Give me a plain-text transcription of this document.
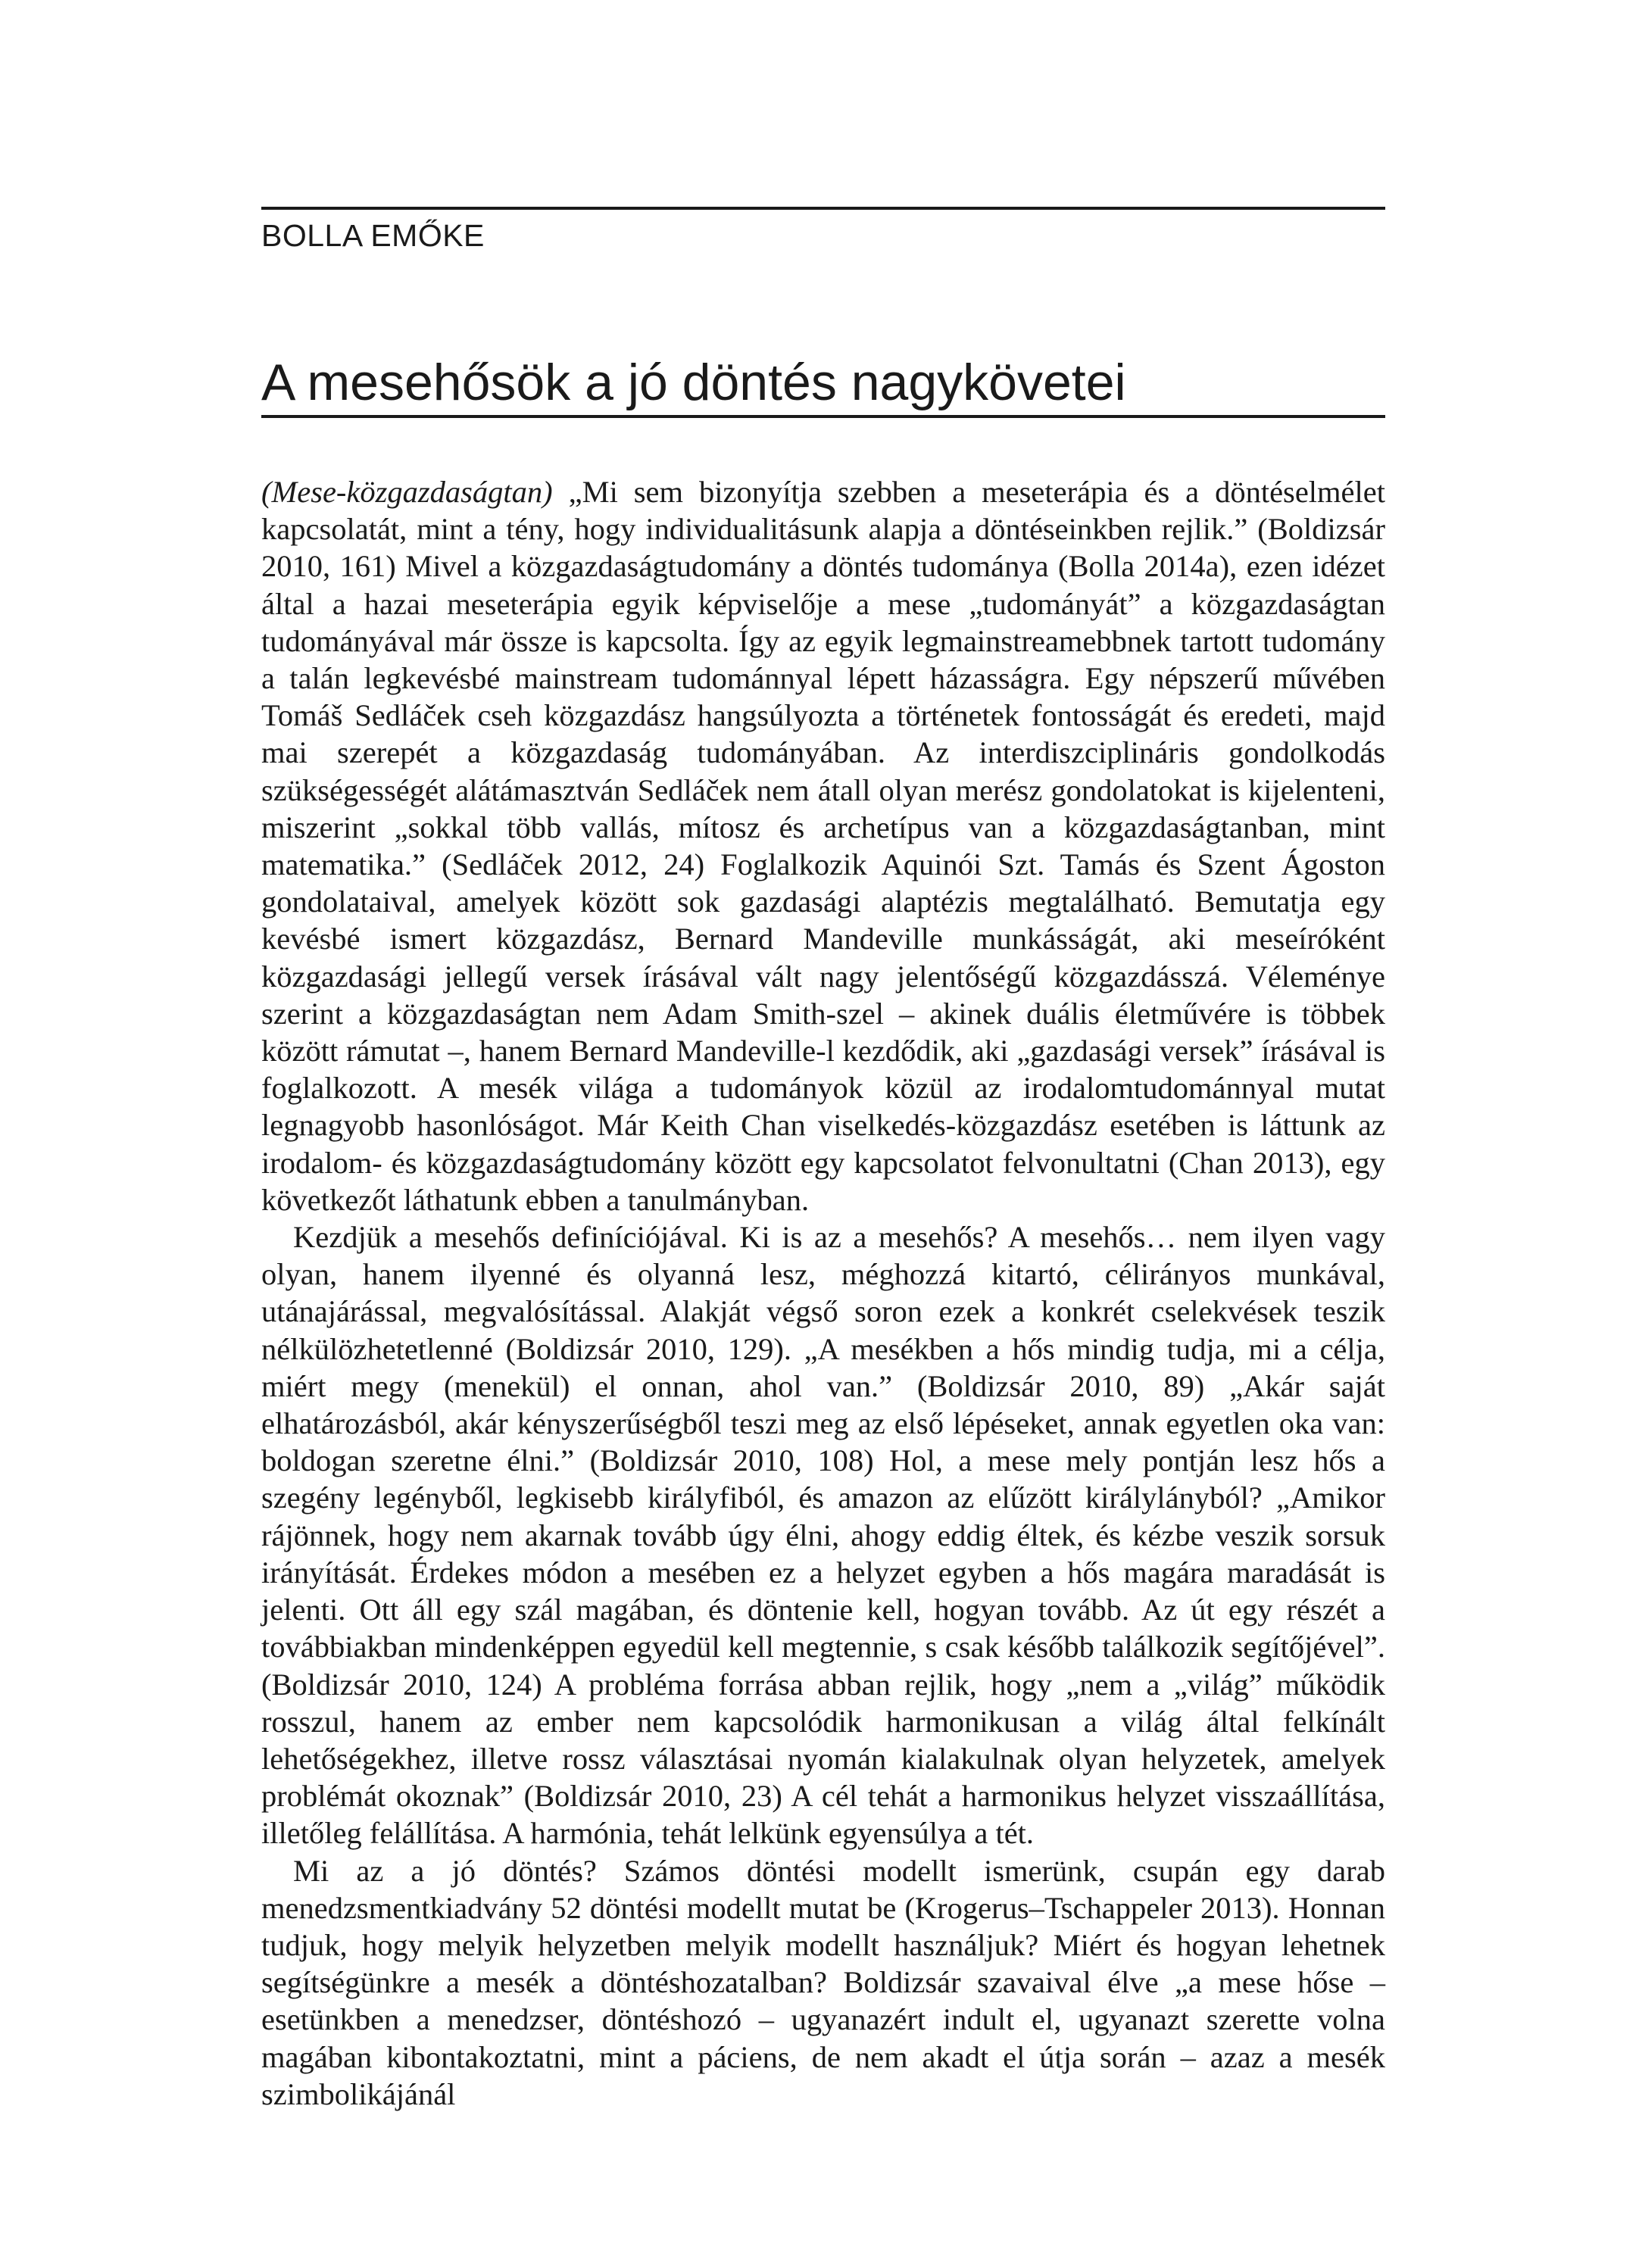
BOLLA EMŐKE

A mesehősök a jó döntés nagykövetei

(Mese-közgazdaságtan) „Mi sem bizonyítja szebben a meseterápia és a döntéselmélet kapcsolatát, mint a tény, hogy individualitásunk alapja a döntéseinkben rejlik.” (Boldizsár 2010, 161) Mivel a közgazdaságtudomány a döntés tudománya (Bolla 2014a), ezen idézet által a hazai meseterápia egyik képviselője a mese „tudományát” a közgazdaságtan tudományával már össze is kapcsolta. Így az egyik legmainstreamebbnek tartott tudomány a talán legkevésbé mainstream tudománnyal lépett házasságra. Egy népszerű művében Tomáš Sedláček cseh közgazdász hangsúlyozta a történetek fontosságát és eredeti, majd mai szerepét a közgazdaság tudományában. Az interdiszciplináris gondolkodás szükségességét alátámasztván Sedláček nem átall olyan merész gondolatokat is kijelenteni, miszerint „sokkal több vallás, mítosz és archetípus van a közgazdaságtanban, mint matematika.” (Sedláček 2012, 24) Foglalkozik Aquinói Szt. Tamás és Szent Ágoston gondolataival, amelyek között sok gazdasági alaptézis megtalálható. Bemutatja egy kevésbé ismert közgazdász, Bernard Mandeville munkásságát, aki meseíróként közgazdasági jellegű versek írásával vált nagy jelentőségű közgazdásszá. Véleménye szerint a közgazdaságtan nem Adam Smith-szel – akinek duális életművére is többek között rámutat –, hanem Bernard Mandeville-l kezdődik, aki „gazdasági versek” írásával is foglalkozott. A mesék világa a tudományok közül az irodalomtudománnyal mutat legnagyobb hasonlóságot. Már Keith Chan viselkedés-közgazdász esetében is láttunk az irodalom- és közgazdaságtudomány között egy kapcsolatot felvonultatni (Chan 2013), egy következőt láthatunk ebben a tanulmányban.

Kezdjük a mesehős definíciójával. Ki is az a mesehős? A mesehős… nem ilyen vagy olyan, hanem ilyenné és olyanná lesz, méghozzá kitartó, célirányos munkával, utánajárással, megvalósítással. Alakját végső soron ezek a konkrét cselekvések teszik nélkülözhetetlenné (Boldizsár 2010, 129). „A mesékben a hős mindig tudja, mi a célja, miért megy (menekül) el onnan, ahol van.” (Boldizsár 2010, 89) „Akár saját elhatározásból, akár kényszerűségből teszi meg az első lépéseket, annak egyetlen oka van: boldogan szeretne élni.” (Boldizsár 2010, 108) Hol, a mese mely pontján lesz hős a szegény legényből, legkisebb királyfiból, és amazon az elűzött királylányból? „Amikor rájönnek, hogy nem akarnak tovább úgy élni, ahogy eddig éltek, és kézbe veszik sorsuk irányítását. Érdekes módon a mesében ez a helyzet egyben a hős magára maradását is jelenti. Ott áll egy szál magában, és döntenie kell, hogyan tovább. Az út egy részét a továbbiakban mindenképpen egyedül kell megtennie, s csak később találkozik segítőjével”. (Boldizsár 2010, 124) A probléma forrása abban rejlik, hogy „nem a „világ” működik rosszul, hanem az ember nem kapcsolódik harmonikusan a világ által felkínált lehetőségekhez, illetve rossz választásai nyomán kialakulnak olyan helyzetek, amelyek problémát okoznak” (Boldizsár 2010, 23) A cél tehát a harmonikus helyzet visszaállítása, illetőleg felállítása. A harmónia, tehát lelkünk egyensúlya a tét.

Mi az a jó döntés? Számos döntési modellt ismerünk, csupán egy darab menedzsmentkiadvány 52 döntési modellt mutat be (Krogerus–Tschappeler 2013). Honnan tudjuk, hogy melyik helyzetben melyik modellt használjuk? Miért és hogyan lehetnek segítségünkre a mesék a döntéshozatalban? Boldizsár szavaival élve „a mese hőse – esetünkben a menedzser, döntéshozó – ugyanazért indult el, ugyanazt szerette volna magában kibontakoztatni, mint a páciens, de nem akadt el útja során – azaz a mesék szimbolikájánál
